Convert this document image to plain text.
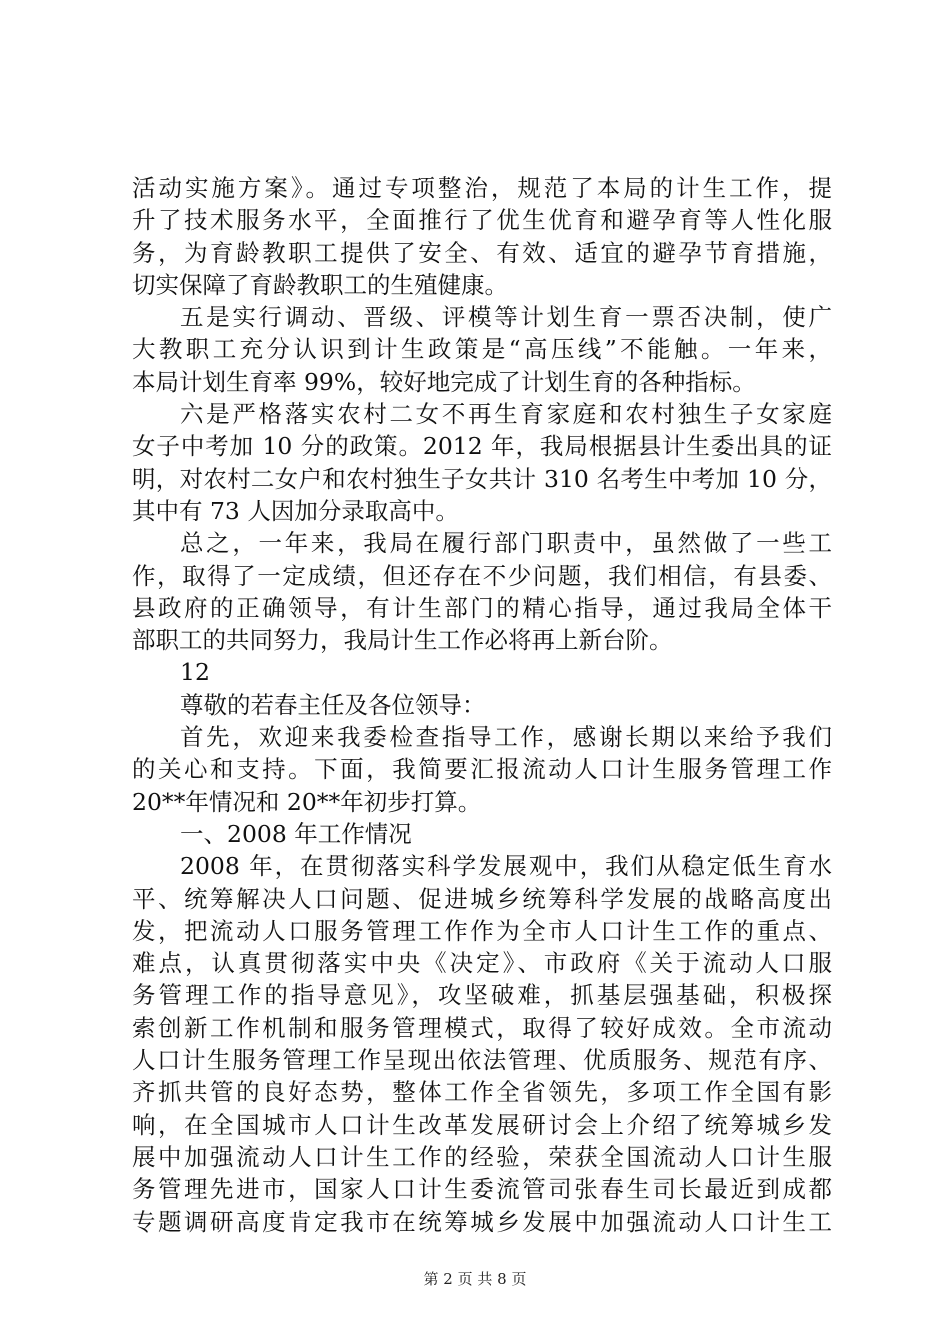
活动实施方案》。通过专项整治，规范了本局的计生工作，提
升了技术服务水平，全面推行了优生优育和避孕育等人性化服
务，为育龄教职工提供了安全、有效、适宜的避孕节育措施，
切实保障了育龄教职工的生殖健康。
五是实行调动、晋级、评模等计划生育一票否决制，使广
大教职工充分认识到计生政策是“高压线”不能触。一年来，
本局计划生育率 99%，较好地完成了计划生育的各种指标。
六是严格落实农村二女不再生育家庭和农村独生子女家庭
女子中考加 10 分的政策。2012 年，我局根据县计生委出具的证
明，对农村二女户和农村独生子女共计 310 名考生中考加 10 分，
其中有 73 人因加分录取高中。
总之，一年来，我局在履行部门职责中，虽然做了一些工
作，取得了一定成绩，但还存在不少问题，我们相信，有县委、
县政府的正确领导，有计生部门的精心指导，通过我局全体干
部职工的共同努力，我局计生工作必将再上新台阶。
12
尊敬的若春主任及各位领导：
首先，欢迎来我委检查指导工作，感谢长期以来给予我们
的关心和支持。下面，我简要汇报流动人口计生服务管理工作
20**年情况和 20**年初步打算。
一、2008 年工作情况
2008 年，在贯彻落实科学发展观中，我们从稳定低生育水
平、统筹解决人口问题、促进城乡统筹科学发展的战略高度出
发，把流动人口服务管理工作作为全市人口计生工作的重点、
难点，认真贯彻落实中央《决定》、市政府《关于流动人口服
务管理工作的指导意见》，攻坚破难，抓基层强基础，积极探
索创新工作机制和服务管理模式，取得了较好成效。全市流动
人口计生服务管理工作呈现出依法管理、优质服务、规范有序、
齐抓共管的良好态势，整体工作全省领先，多项工作全国有影
响，在全国城市人口计生改革发展研讨会上介绍了统筹城乡发
展中加强流动人口计生工作的经验，荣获全国流动人口计生服
务管理先进市，国家人口计生委流管司张春生司长最近到成都
专题调研高度肯定我市在统筹城乡发展中加强流动人口计生工
第 2 页 共 8 页
